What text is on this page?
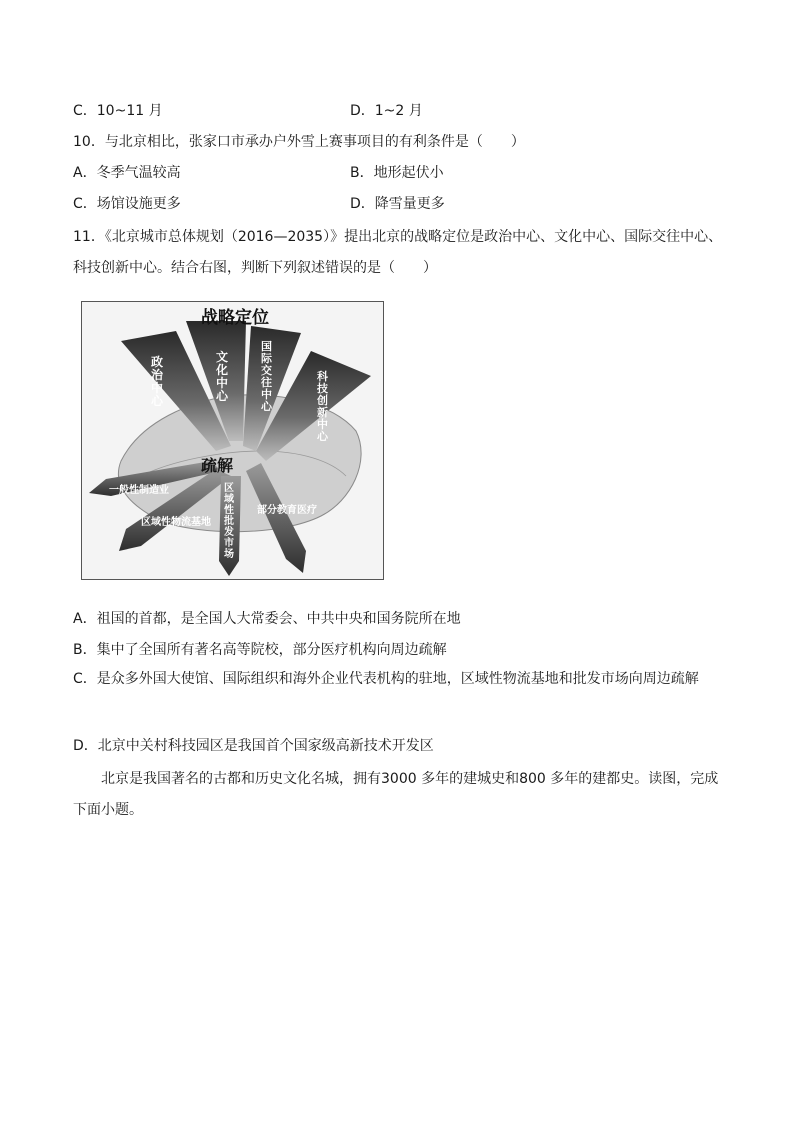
C．10~11 月	D．1~2 月
10．与北京相比，张家口市承办户外雪上赛事项目的有利条件是（　　）
A．冬季气温较高	B．地形起伏小
C．场馆设施更多	D．降雪量更多
11．《北京城市总体规划（2016—2035）》提出北京的战略定位是政治中心、文化中心、国际交往中心、科技创新中心。结合右图，判断下列叙述错误的是（　　）
战略定位
疏解
政治中心
文化中心
国际交往中心
科技创新中心
一般性制造业
区域性物流基地
区域性批发市场
部分教育医疗
A．祖国的首都，是全国人大常委会、中共中央和国务院所在地
B．集中了全国所有著名高等院校，部分医疗机构向周边疏解
C．是众多外国大使馆、国际组织和海外企业代表机构的驻地，区域性物流基地和批发市场向周边疏解
D．北京中关村科技园区是我国首个国家级高新技术开发区
北京是我国著名的古都和历史文化名城，拥有3000 多年的建城史和800 多年的建都史。读图，完成下面小题。
